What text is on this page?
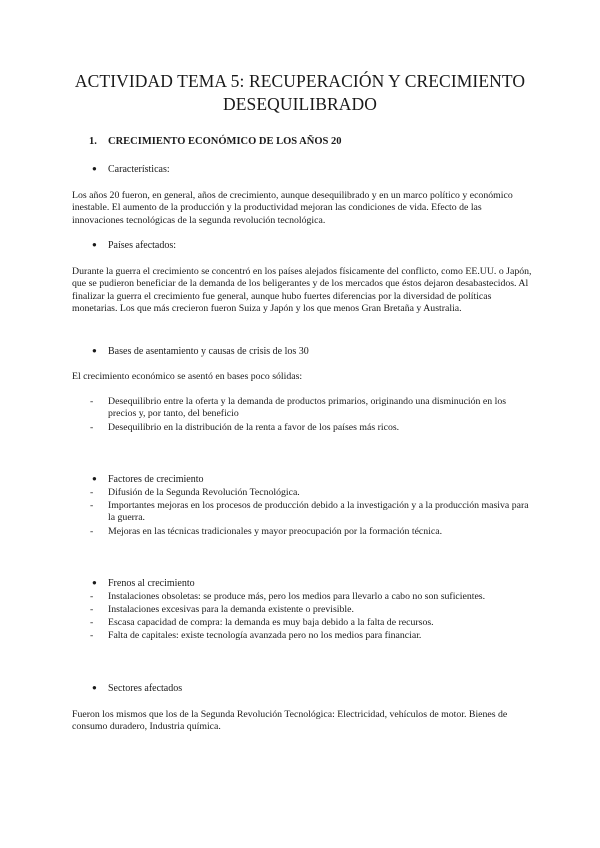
ACTIVIDAD TEMA 5: RECUPERACIÓN Y CRECIMIENTO DESEQUILIBRADO
1. CRECIMIENTO ECONÓMICO DE LOS AÑOS 20
● Características:
Los años 20 fueron, en general, años de crecimiento, aunque desequilibrado y en un marco político y económico inestable. El aumento de la producción y la productividad mejoran las condiciones de vida. Efecto de las innovaciones tecnológicas de la segunda revolución tecnológica.
● Países afectados:
Durante la guerra el crecimiento se concentró en los países alejados físicamente del conflicto, como EE.UU. o Japón, que se pudieron beneficiar de la demanda de los beligerantes y de los mercados que éstos dejaron desabastecidos. Al finalizar la guerra el crecimiento fue general, aunque hubo fuertes diferencias por la diversidad de políticas monetarias. Los que más crecieron fueron Suiza y Japón y los que menos Gran Bretaña y Australia.
● Bases de asentamiento y causas de crisis de los 30
El crecimiento económico se asentó en bases poco sólidas:
- Desequilibrio entre la oferta y la demanda de productos primarios, originando una disminución en los precios y, por tanto, del beneficio
- Desequilibrio en la distribución de la renta a favor de los países más ricos.
● Factores de crecimiento
- Difusión de la Segunda Revolución Tecnológica.
- Importantes mejoras en los procesos de producción debido a la investigación y a la producción masiva para la guerra.
- Mejoras en las técnicas tradicionales y mayor preocupación por la formación técnica.
● Frenos al crecimiento
- Instalaciones obsoletas: se produce más, pero los medios para llevarlo a cabo no son suficientes.
- Instalaciones excesivas para la demanda existente o previsible.
- Escasa capacidad de compra: la demanda es muy baja debido a la falta de recursos.
- Falta de capitales: existe tecnología avanzada pero no los medios para financiar.
● Sectores afectados
Fueron los mismos que los de la Segunda Revolución Tecnológica: Electricidad, vehículos de motor. Bienes de consumo duradero, Industria química.
